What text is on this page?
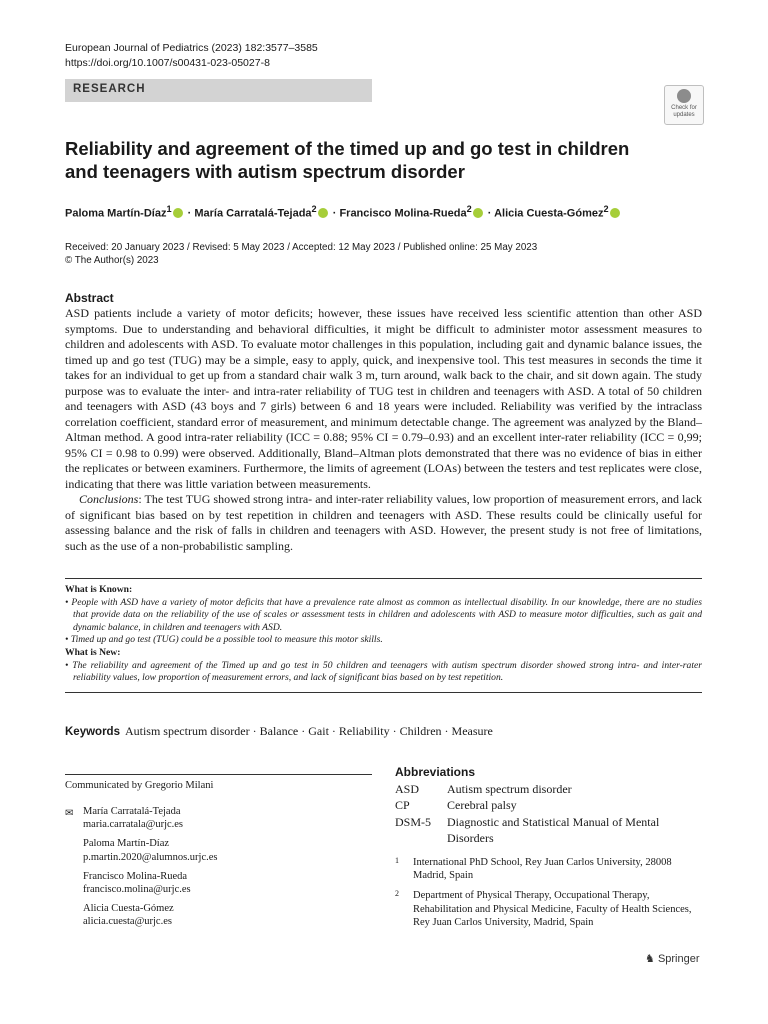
European Journal of Pediatrics (2023) 182:3577–3585
https://doi.org/10.1007/s00431-023-05027-8
RESEARCH
Check for updates
Reliability and agreement of the timed up and go test in children and teenagers with autism spectrum disorder
Paloma Martín‑Díaz$^1$ · María Carratalá‑Tejada$^2$ · Francisco Molina‑Rueda$^2$ · Alicia Cuesta‑Gómez$^2$
Received: 20 January 2023 / Revised: 5 May 2023 / Accepted: 12 May 2023 / Published online: 25 May 2023
© The Author(s) 2023
Abstract

ASD patients include a variety of motor deficits; however, these issues have received less scientific attention than other ASD symptoms. Due to understanding and behavioral difficulties, it might be difficult to administer motor assessment measures to children and adolescents with ASD. To evaluate motor challenges in this population, including gait and dynamic balance issues, the timed up and go test (TUG) may be a simple, easy to apply, quick, and inexpensive tool. This test measures in seconds the time it takes for an individual to get up from a standard chair walk 3 m, turn around, walk back to the chair, and sit down again. The study purpose was to evaluate the inter- and intra-rater reliability of TUG test in children and teenagers with ASD. A total of 50 children and teenagers with ASD (43 boys and 7 girls) between 6 and 18 years were included. Reliability was verified by the intraclass correlation coefficient, standard error of measurement, and minimum detectable change. The agreement was analyzed by the Bland–Altman method. A good intra-rater reliability (ICC = 0.88; 95% CI = 0.79–0.93) and an excellent inter-rater reliability (ICC = 0,99; 95% CI = 0.98 to 0.99) were observed. Additionally, Bland–Altman plots demonstrated that there was no evidence of bias in either the replicates or between examiners. Furthermore, the limits of agreement (LOAs) between the testers and test replicates were close, indicating that there was little variation between measurements.

Conclusions: The test TUG showed strong intra- and inter-rater reliability values, low proportion of measurement errors, and lack of significant bias based on by test repetition in children and teenagers with ASD. These results could be clinically useful for assessing balance and the risk of falls in children and teenagers with ASD. However, the present study is not free of limitations, such as the use of a non-probabilistic sampling.

What is Known:
• People with ASD have a variety of motor deficits that have a prevalence rate almost as common as intellectual disability. In our knowledge, there are no studies that provide data on the reliability of the use of scales or assessment tests in children and adolescents with ASD to measure motor difficulties, such as gait and dynamic balance, in children and teenagers with ASD.
• Timed up and go test (TUG) could be a possible tool to measure this motor skills.
What is New:
• The reliability and agreement of the Timed up and go test in 50 children and teenagers with autism spectrum disorder showed strong intra- and inter-rater reliability values, low proportion of measurement errors, and lack of significant bias based on by test repetition.
Keywords Autism spectrum disorder · Balance · Gait · Reliability · Children · Measure
Communicated by Gregorio Milani
✉ María Carratalá‑Tejada
maria.carratala@urjc.es
Paloma Martín‑Díaz
p.martin.2020@alumnos.urjc.es
Francisco Molina‑Rueda
francisco.molina@urjc.es
Alicia Cuesta‑Gómez
alicia.cuesta@urjc.es
Abbreviations
ASD	Autism spectrum disorder
CP	Cerebral palsy
DSM-5	Diagnostic and Statistical Manual of Mental Disorders
1	International PhD School, Rey Juan Carlos University, 28008 Madrid, Spain
2	Department of Physical Therapy, Occupational Therapy, Rehabilitation and Physical Medicine, Faculty of Health Sciences, Rey Juan Carlos University, Madrid, Spain
♞ Springer
